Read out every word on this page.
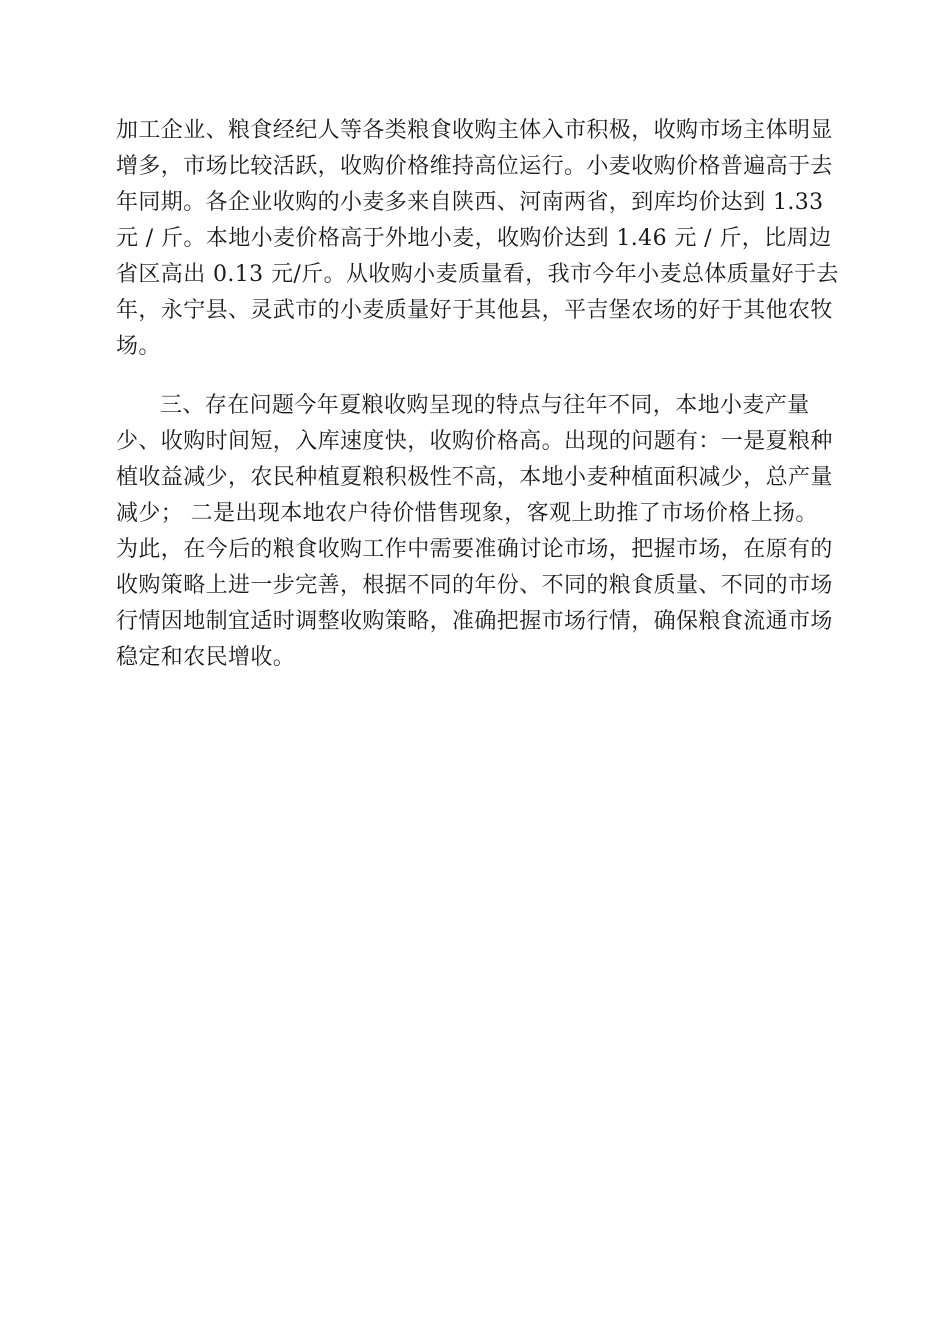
加工企业、粮食经纪人等各类粮食收购主体入市积极，收购市场主体明显
增多，市场比较活跃，收购价格维持高位运行。小麦收购价格普遍高于去
年同期。各企业收购的小麦多来自陕西、河南两省，到库均价达到 1.33
元 / 斤。本地小麦价格高于外地小麦，收购价达到 1.46 元 / 斤，比周边
省区高出 0.13 元/斤。从收购小麦质量看，我市今年小麦总体质量好于去
年，永宁县、灵武市的小麦质量好于其他县，平吉堡农场的好于其他农牧
场。
三、存在问题今年夏粮收购呈现的特点与往年不同，本地小麦产量
少、收购时间短，入库速度快，收购价格高。出现的问题有：一是夏粮种
植收益减少，农民种植夏粮积极性不高，本地小麦种植面积减少，总产量
减少； 二是出现本地农户待价惜售现象，客观上助推了市场价格上扬。
为此，在今后的粮食收购工作中需要准确讨论市场，把握市场，在原有的
收购策略上进一步完善，根据不同的年份、不同的粮食质量、不同的市场
行情因地制宜适时调整收购策略，准确把握市场行情，确保粮食流通市场
稳定和农民增收。
